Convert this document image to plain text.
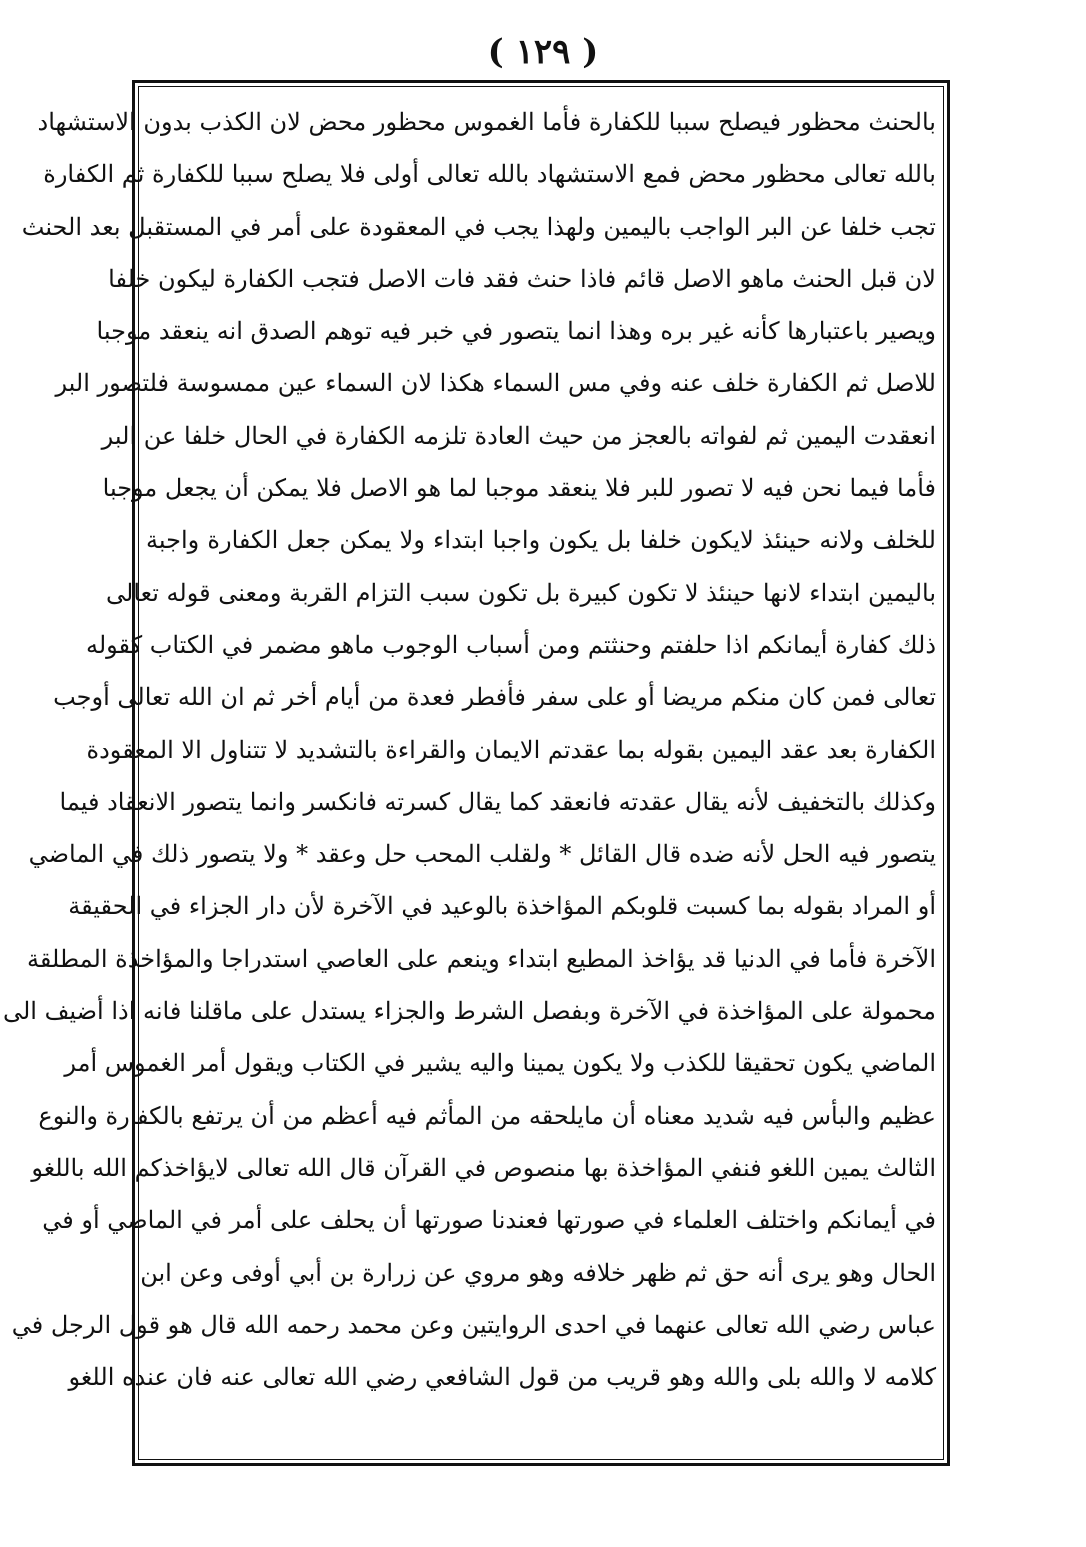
( ١٢٩ )
بالحنث محظور فيصلح سببا للكفارة فأما الغموس محظور محض لان الكذب بدون الاستشهاد
بالله تعالى محظور محض فمع الاستشهاد بالله تعالى أولى فلا يصلح سببا للكفارة ثم الكفارة
تجب خلفا عن البر الواجب باليمين ولهذا يجب في المعقودة على أمر في المستقبل بعد الحنث
لان قبل الحنث ماهو الاصل قائم فاذا حنث فقد فات الاصل فتجب الكفارة ليكون خلفا
ويصير باعتبارها كأنه غير بره وهذا انما يتصور في خبر فيه توهم الصدق انه ينعقد موجبا
للاصل ثم الكفارة خلف عنه وفي مس السماء هكذا لان السماء عين ممسوسة فلتصور البر
انعقدت اليمين ثم لفواته بالعجز من حيث العادة تلزمه الكفارة في الحال خلفا عن البر
فأما فيما نحن فيه لا تصور للبر فلا ينعقد موجبا لما هو الاصل فلا يمكن أن يجعل موجبا
للخلف ولانه حينئذ لايكون خلفا بل يكون واجبا ابتداء ولا يمكن جعل الكفارة واجبة
باليمين ابتداء لانها حينئذ لا تكون كبيرة بل تكون سبب التزام القربة ومعنى قوله تعالى
ذلك كفارة أيمانكم اذا حلفتم وحنثتم ومن أسباب الوجوب ماهو مضمر في الكتاب كقوله
تعالى فمن كان منكم مريضا أو على سفر فأفطر فعدة من أيام أخر ثم ان الله تعالى أوجب
الكفارة بعد عقد اليمين بقوله بما عقدتم الايمان والقراءة بالتشديد لا تتناول الا المعقودة
وكذلك بالتخفيف لأنه يقال عقدته فانعقد كما يقال كسرته فانكسر وانما يتصور الانعقاد فيما
يتصور فيه الحل لأنه ضده قال القائل * ولقلب المحب حل وعقد * ولا يتصور ذلك في الماضي
أو المراد بقوله بما كسبت قلوبكم المؤاخذة بالوعيد في الآخرة لأن دار الجزاء في الحقيقة
الآخرة فأما في الدنيا قد يؤاخذ المطيع ابتداء وينعم على العاصي استدراجا والمؤاخذة المطلقة
محمولة على المؤاخذة في الآخرة وبفصل الشرط والجزاء يستدل على ماقلنا فانه اذا أضيف الى
الماضي يكون تحقيقا للكذب ولا يكون يمينا واليه يشير في الكتاب ويقول أمر الغموس أمر
عظيم والبأس فيه شديد معناه أن مايلحقه من المأثم فيه أعظم من أن يرتفع بالكفارة والنوع
الثالث يمين اللغو فنفي المؤاخذة بها منصوص في القرآن قال الله تعالى لايؤاخذكم الله باللغو
في أيمانكم واختلف العلماء في صورتها فعندنا صورتها أن يحلف على أمر في الماضي أو في
الحال وهو يرى أنه حق ثم ظهر خلافه وهو مروي عن زرارة بن أبي أوفى وعن ابن
عباس رضي الله تعالى عنهما في احدى الروايتين وعن محمد رحمه الله قال هو قول الرجل في
كلامه لا والله بلى والله وهو قريب من قول الشافعي رضي الله تعالى عنه فان عنده اللغو
